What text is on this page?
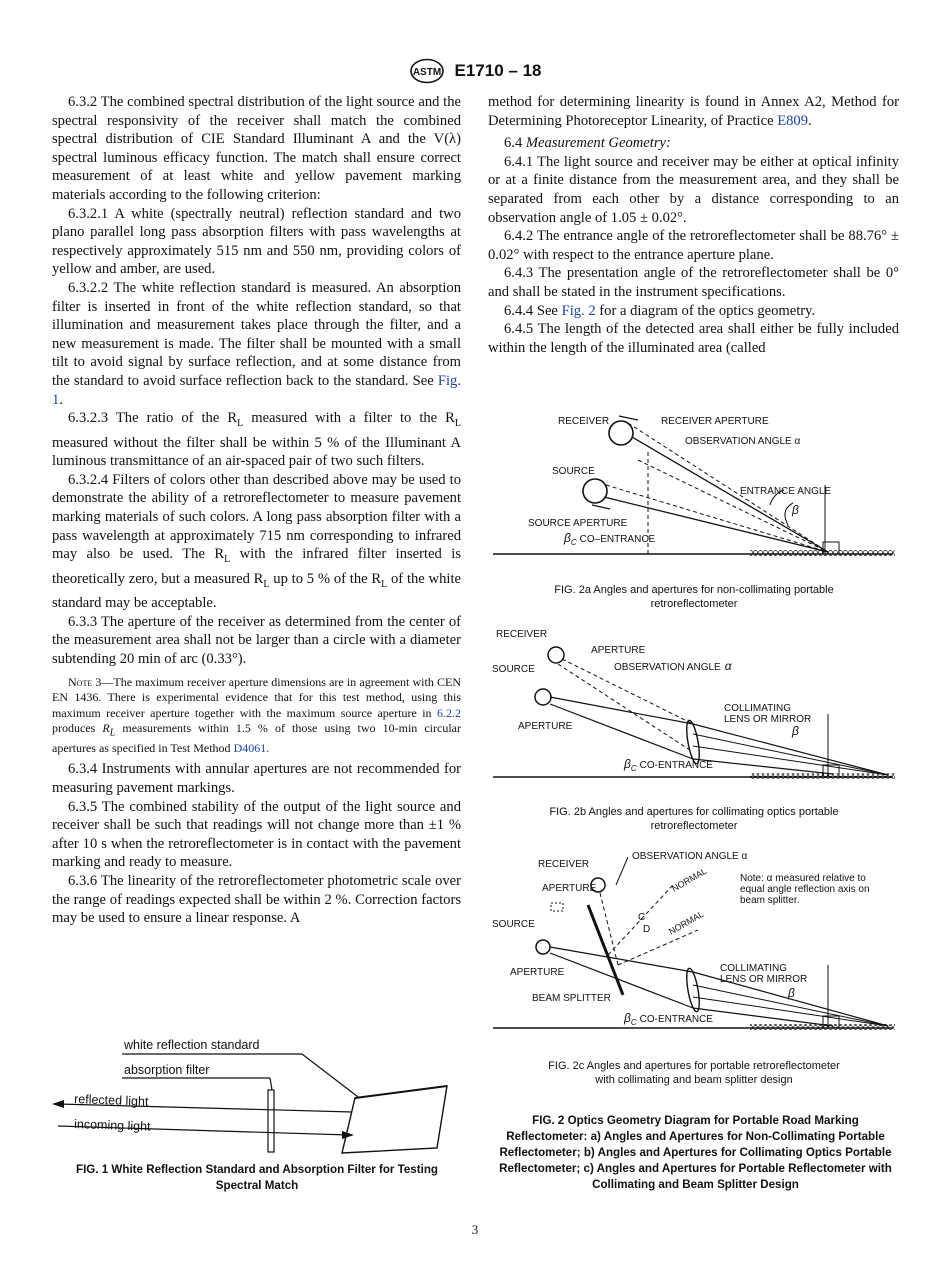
ASTM E1710 – 18

6.3.2 The combined spectral distribution of the light source and the spectral responsivity of the receiver shall match the combined spectral distribution of CIE Standard Illuminant A and the V(λ) spectral luminous efficacy function. The match shall ensure correct measurement of at least white and yellow pavement marking materials according to the following criterion:

6.3.2.1 A white (spectrally neutral) reflection standard and two plano parallel long pass absorption filters with pass wavelengths at respectively approximately 515 nm and 550 nm, providing colors of yellow and amber, are used.

6.3.2.2 The white reflection standard is measured. An absorption filter is inserted in front of the white reflection standard, so that illumination and measurement takes place through the filter, and a new measurement is made. The filter shall be mounted with a small tilt to avoid signal by surface reflection, and at some distance from the standard to avoid surface reflection back to the standard. See Fig. 1.

6.3.2.3 The ratio of the $R_L$ measured with a filter to the $R_L$ measured without the filter shall be within 5 % of the Illuminant A luminous transmittance of an air-spaced pair of two such filters.

6.3.2.4 Filters of colors other than described above may be used to demonstrate the ability of a retroreflectometer to measure pavement marking materials of such colors. A long pass absorption filter with a pass wavelength at approximately 715 nm corresponding to infrared may also be used. The $R_L$ with the infrared filter inserted is theoretically zero, but a measured $R_L$ up to 5 % of the $R_L$ of the white standard may be acceptable.

6.3.3 The aperture of the receiver as determined from the center of the measurement area shall not be larger than a circle with a diameter subtending 20 min of arc (0.33°).

Note 3—The maximum receiver aperture dimensions are in agreement with CEN EN 1436. There is experimental evidence that for this test method, using this maximum receiver aperture together with the maximum source aperture in 6.2.2 produces $R_L$ measurements within 1.5 % of those using two 10-min circular apertures as specified in Test Method D4061.

6.3.4 Instruments with annular apertures are not recommended for measuring pavement markings.

6.3.5 The combined stability of the output of the light source and receiver shall be such that readings will not change more than ±1 % after 10 s when the retroreflectometer is in contact with the pavement marking and ready to measure.

6.3.6 The linearity of the retroreflectometer photometric scale over the range of readings expected shall be within 2 %. Correction factors may be used to ensure a linear response. A

method for determining linearity is found in Annex A2, Method for Determining Photoreceptor Linearity, of Practice E809.

6.4 Measurement Geometry:

6.4.1 The light source and receiver may be either at optical infinity or at a finite distance from the measurement area, and they shall be separated from each other by a distance corresponding to an observation angle of 1.05 ± 0.02°.

6.4.2 The entrance angle of the retroreflectometer shall be 88.76° ± 0.02° with respect to the entrance aperture plane.

6.4.3 The presentation angle of the retroreflectometer shall be 0° and shall be stated in the instrument specifications.

6.4.4 See Fig. 2 for a diagram of the optics geometry.

6.4.5 The length of the detected area shall either be fully included within the length of the illuminated area (called

RECEIVER	RECEIVER APERTURE
OBSERVATION ANGLE α
SOURCE
ENTRANCE ANGLE
β
SOURCE APERTURE
$\beta_C$ $^{CO-ENTRANCE}$
FIG. 2a Angles and apertures for non-collimating portable
retroreflectometer
RECEIVER
APERTURE
SOURCE	OBSERVATION ANGLE α
APERTURE
COLLIMATING
LENS OR MIRROR
β
$\beta_C$ $^{CO-ENTRANCE}$
FIG. 2b Angles and apertures for collimating optics portable
retroreflectometer
RECEIVER
OBSERVATION ANGLE α
APERTURE	NORMAL
NORMAL
Note: α measured relative to
equal angle reflection axis on
beam splitter.
SOURCE
C
D
APERTURE	COLLIMATING
LENS OR MIRROR
β
BEAM SPLITTER
$\beta_C$ $^{CO-ENTRANCE}$
FIG. 2c Angles and apertures for portable retroreflectometer
with collimating and beam splitter design
FIG. 2 Optics Geometry Diagram for Portable Road Marking Reflectometer: a) Angles and Apertures for Non-Collimating Portable Reflectometer; b) Angles and Apertures for Collimating Optics Portable Reflectometer; c) Angles and Apertures for Portable Reflectometer with Collimating and Beam Splitter Design
white reflection standard
absorption filter
reflected light
incoming light
FIG. 1 White Reflection Standard and Absorption Filter for Testing Spectral Match
3
